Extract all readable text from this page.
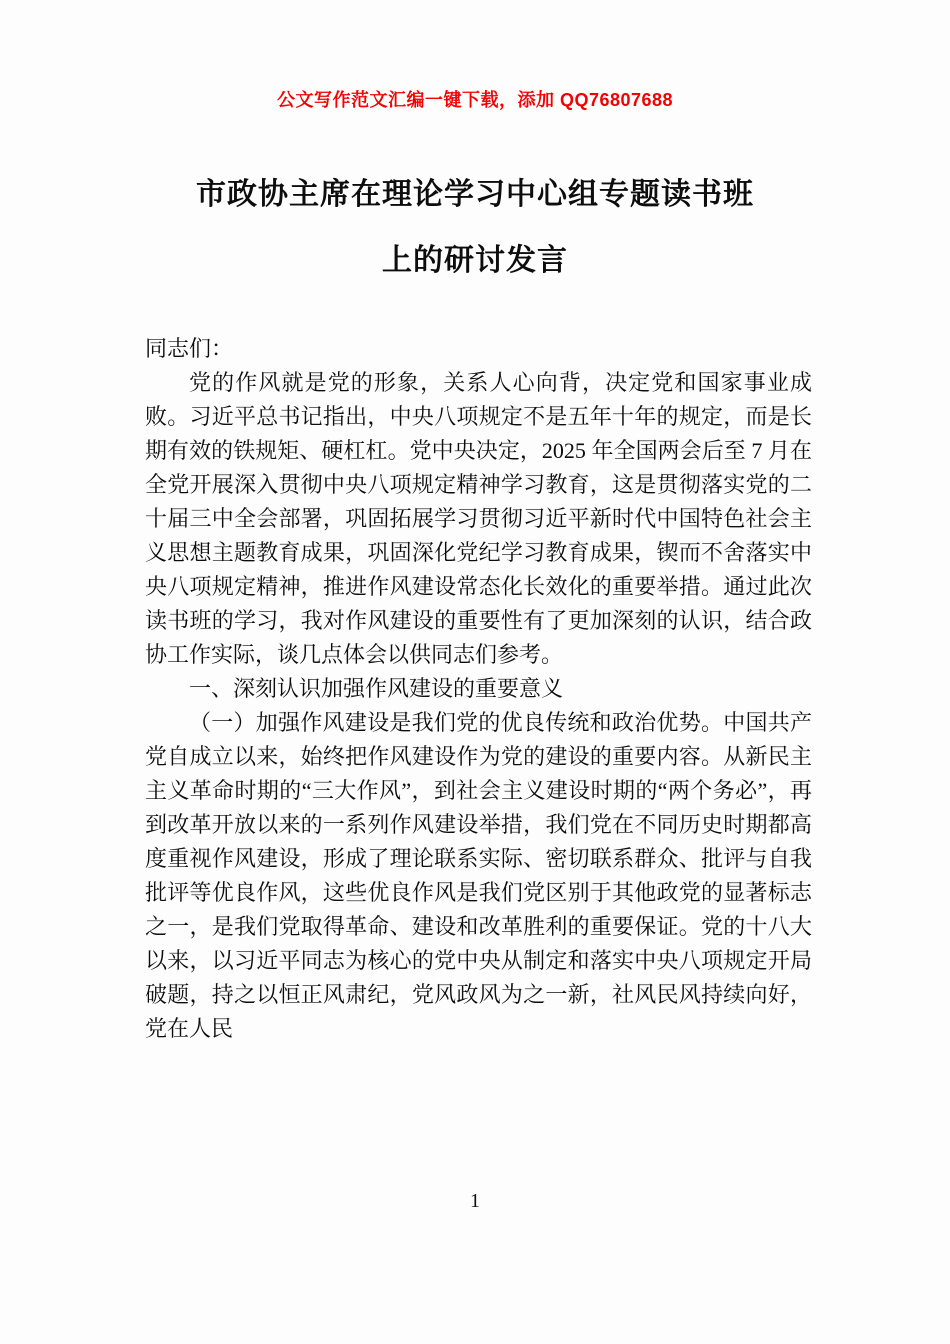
公文写作范文汇编一键下载，添加 QQ76807688
市政协主席在理论学习中心组专题读书班
上的研讨发言

同志们：

党的作风就是党的形象，关系人心向背，决定党和国家事业成败。习近平总书记指出，中央八项规定不是五年十年的规定，而是长期有效的铁规矩、硬杠杠。党中央决定，2025 年全国两会后至 7 月在全党开展深入贯彻中央八项规定精神学习教育，这是贯彻落实党的二十届三中全会部署，巩固拓展学习贯彻习近平新时代中国特色社会主义思想主题教育成果，巩固深化党纪学习教育成果，锲而不舍落实中央八项规定精神，推进作风建设常态化长效化的重要举措。通过此次读书班的学习，我对作风建设的重要性有了更加深刻的认识，结合政协工作实际，谈几点体会以供同志们参考。

一、深刻认识加强作风建设的重要意义

（一）加强作风建设是我们党的优良传统和政治优势。中国共产党自成立以来，始终把作风建设作为党的建设的重要内容。从新民主主义革命时期的“三大作风”，到社会主义建设时期的“两个务必”，再到改革开放以来的一系列作风建设举措，我们党在不同历史时期都高度重视作风建设，形成了理论联系实际、密切联系群众、批评与自我批评等优良作风，这些优良作风是我们党区别于其他政党的显著标志之一，是我们党取得革命、建设和改革胜利的重要保证。党的十八大以来，以习近平同志为核心的党中央从制定和落实中央八项规定开局破题，持之以恒正风肃纪，党风政风为之一新，社风民风持续向好，党在人民

1
